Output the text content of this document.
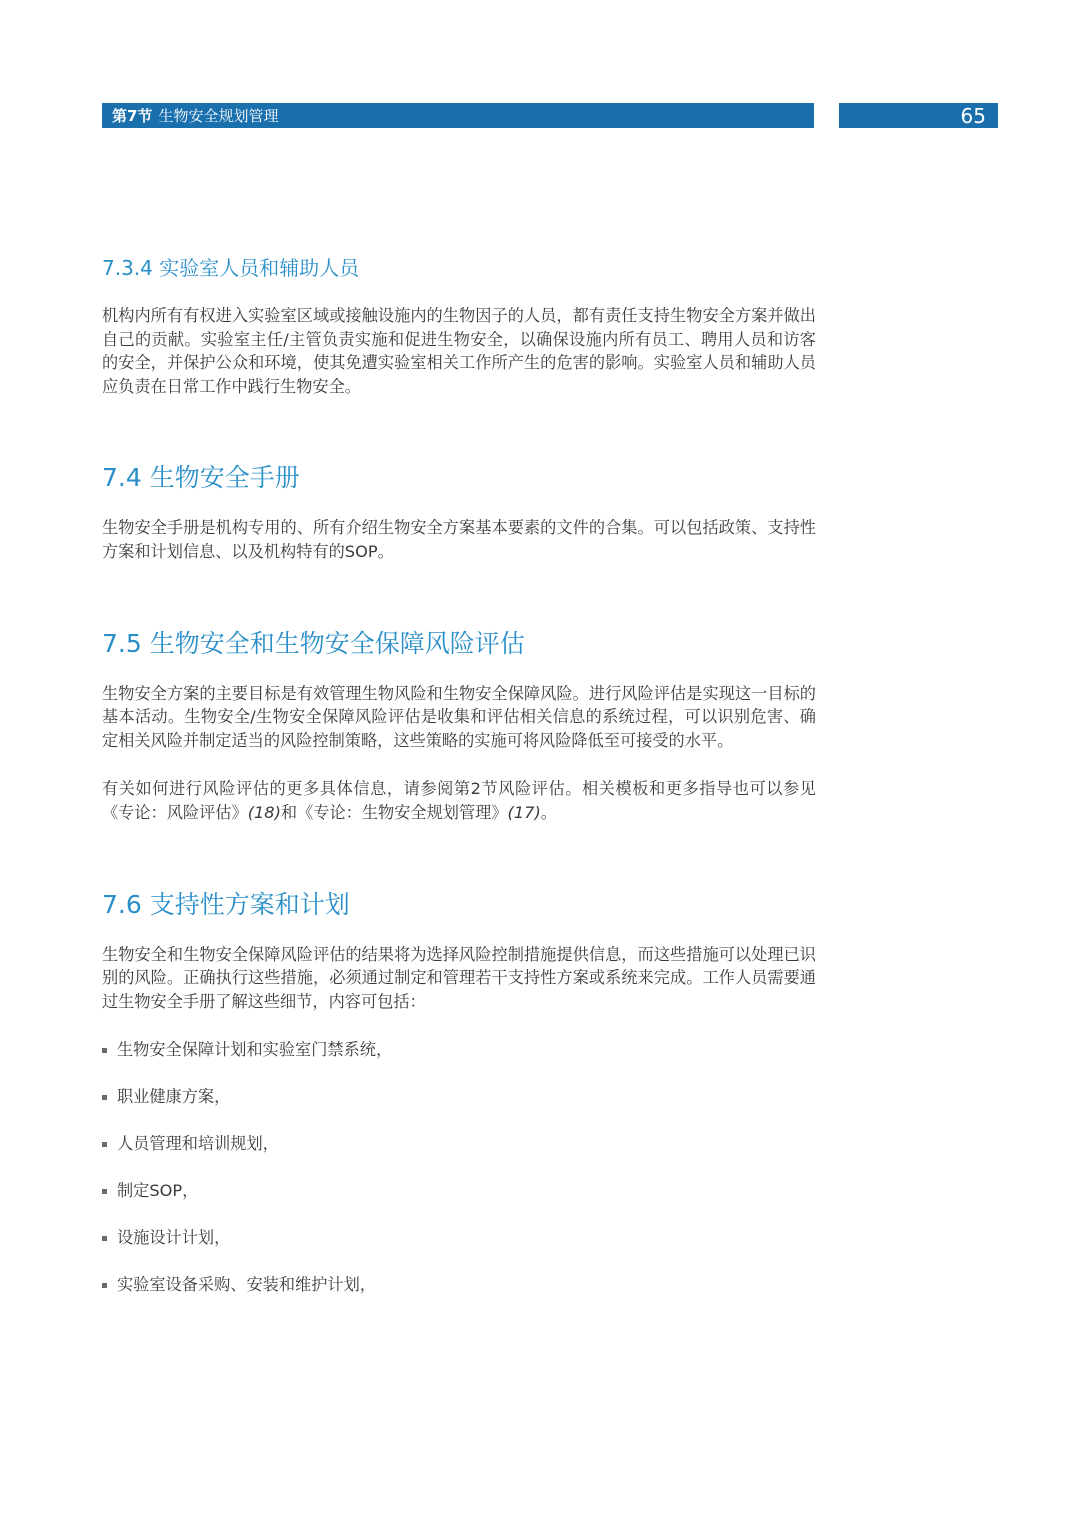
第7节 生物安全规划管理	65
7.3.4 实验室人员和辅助人员

机构内所有有权进入实验室区域或接触设施内的生物因子的人员，都有责任支持生物安全方案并做出自己的贡献。实验室主任/主管负责实施和促进生物安全，以确保设施内所有员工、聘用人员和访客的安全，并保护公众和环境，使其免遭实验室相关工作所产生的危害的影响。实验室人员和辅助人员应负责在日常工作中践行生物安全。

7.4 生物安全手册

生物安全手册是机构专用的、所有介绍生物安全方案基本要素的文件的合集。可以包括政策、支持性方案和计划信息、以及机构特有的SOP。

7.5 生物安全和生物安全保障风险评估

生物安全方案的主要目标是有效管理生物风险和生物安全保障风险。进行风险评估是实现这一目标的基本活动。生物安全/生物安全保障风险评估是收集和评估相关信息的系统过程，可以识别危害、确定相关风险并制定适当的风险控制策略，这些策略的实施可将风险降低至可接受的水平。

有关如何进行风险评估的更多具体信息，请参阅第2节风险评估。相关模板和更多指导也可以参见《专论：风险评估》(18)和《专论：生物安全规划管理》(17)。

7.6 支持性方案和计划

生物安全和生物安全保障风险评估的结果将为选择风险控制措施提供信息，而这些措施可以处理已识别的风险。正确执行这些措施，必须通过制定和管理若干支持性方案或系统来完成。工作人员需要通过生物安全手册了解这些细节，内容可包括：

生物安全保障计划和实验室门禁系统，
职业健康方案，
人员管理和培训规划，
制定SOP，
设施设计计划，
实验室设备采购、安装和维护计划，
